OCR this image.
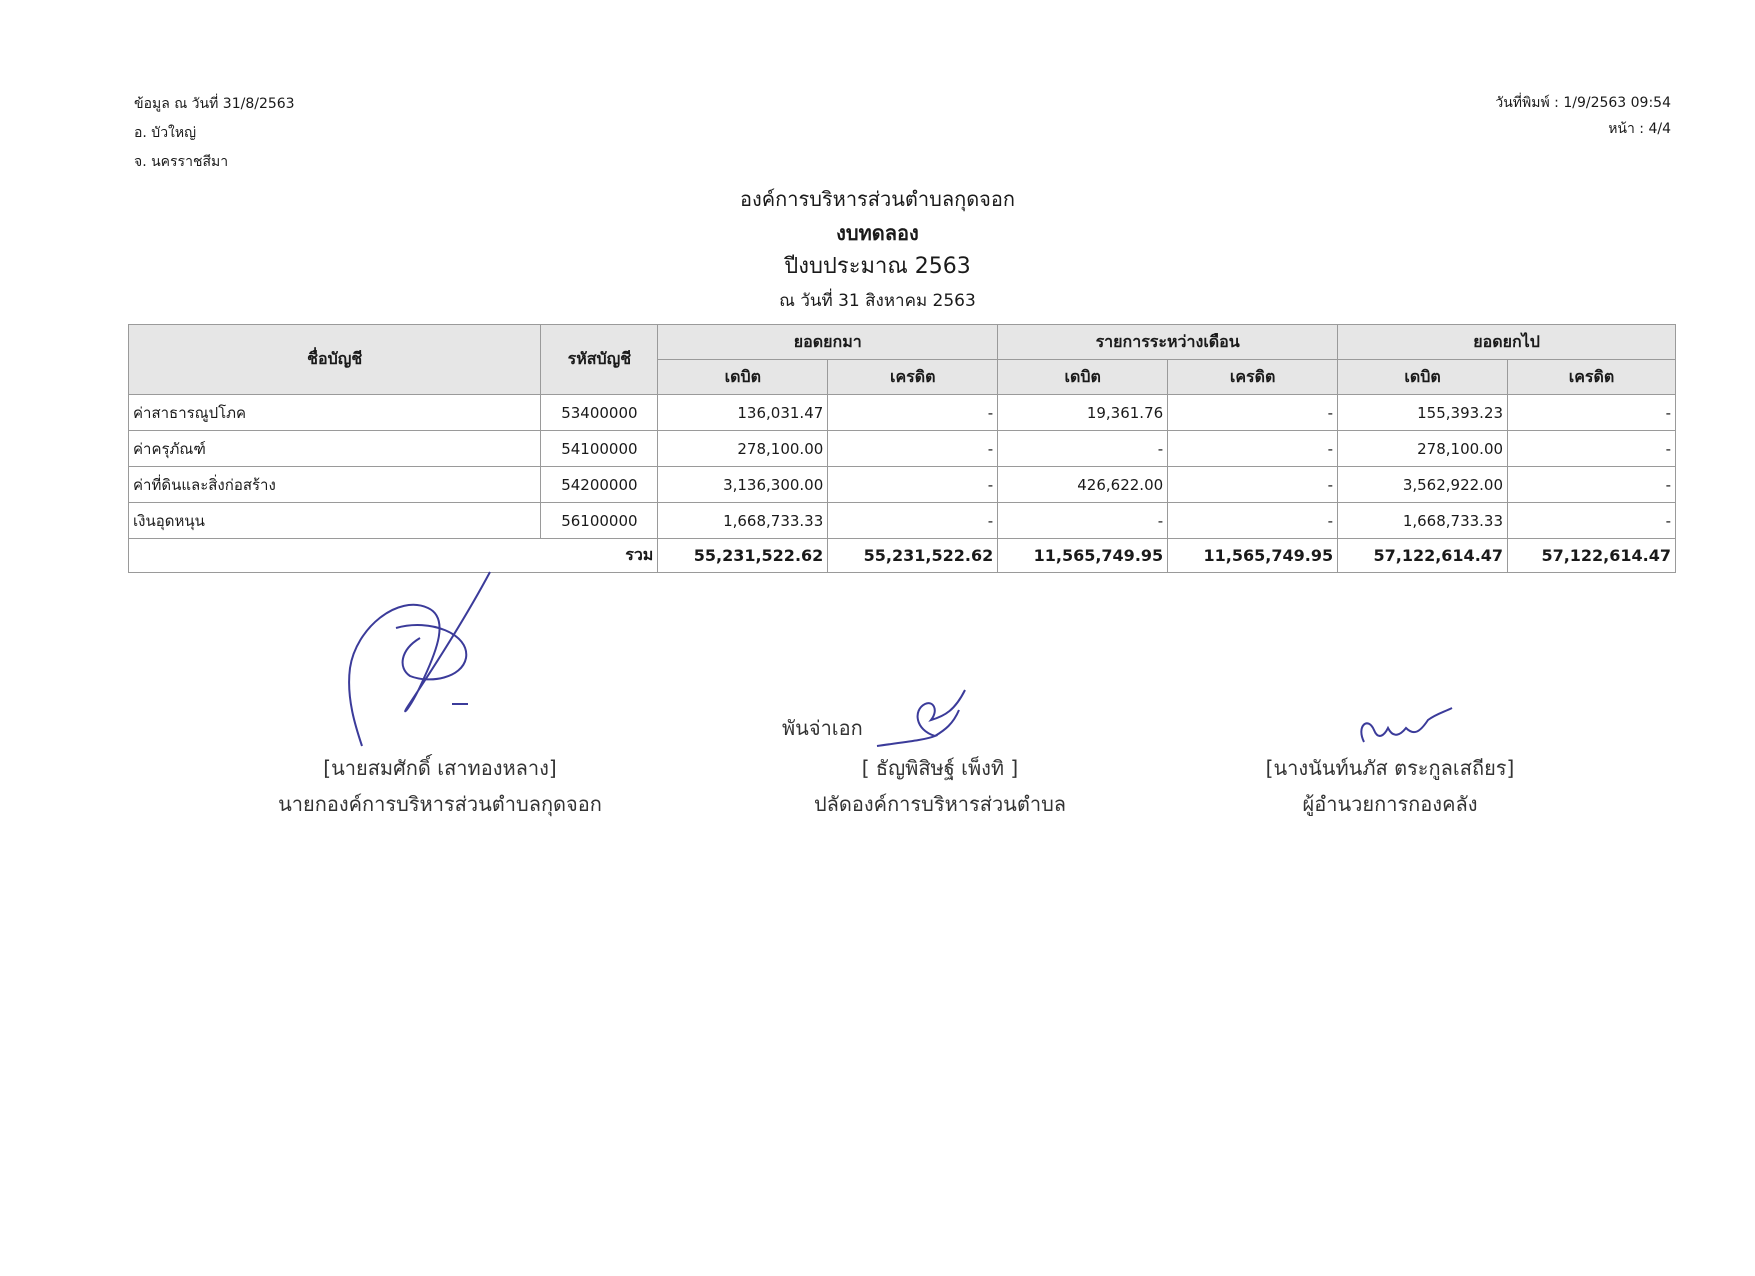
ข้อมูล ณ วันที่ 31/8/2563
อ. บัวใหญ่
จ. นครราชสีมา
วันที่พิมพ์ : 1/9/2563 09:54
หน้า : 4/4
องค์การบริหารส่วนตำบลกุดจอก
งบทดลอง
ปีงบประมาณ 2563
ณ วันที่ 31 สิงหาคม 2563
ชื่อบัญชี	รหัสบัญชี	ยอดยกมา		รายการระหว่างเดือน		ยอดยกไป	
		เดบิต	เครดิต	เดบิต	เครดิต	เดบิต	เครดิต
ค่าสาธารณูปโภค	53400000	136,031.47	-	19,361.76	-	155,393.23	-
ค่าครุภัณฑ์	54100000	278,100.00	-	-	-	278,100.00	-
ค่าที่ดินและสิ่งก่อสร้าง	54200000	3,136,300.00	-	426,622.00	-	3,562,922.00	-
เงินอุดหนุน	56100000	1,668,733.33	-	-	-	1,668,733.33	-
รวม		55,231,522.62	55,231,522.62	11,565,749.95	11,565,749.95	57,122,614.47	57,122,614.47
พันจ่าเอก
[นายสมศักดิ์ เสาทองหลาง]
นายกองค์การบริหารส่วนตำบลกุดจอก
[ ธัญพิสิษฐ์ เพ็งทิ ]
ปลัดองค์การบริหารส่วนตำบล
[นางนันท์นภัส ตระกูลเสถียร]
ผู้อำนวยการกองคลัง
